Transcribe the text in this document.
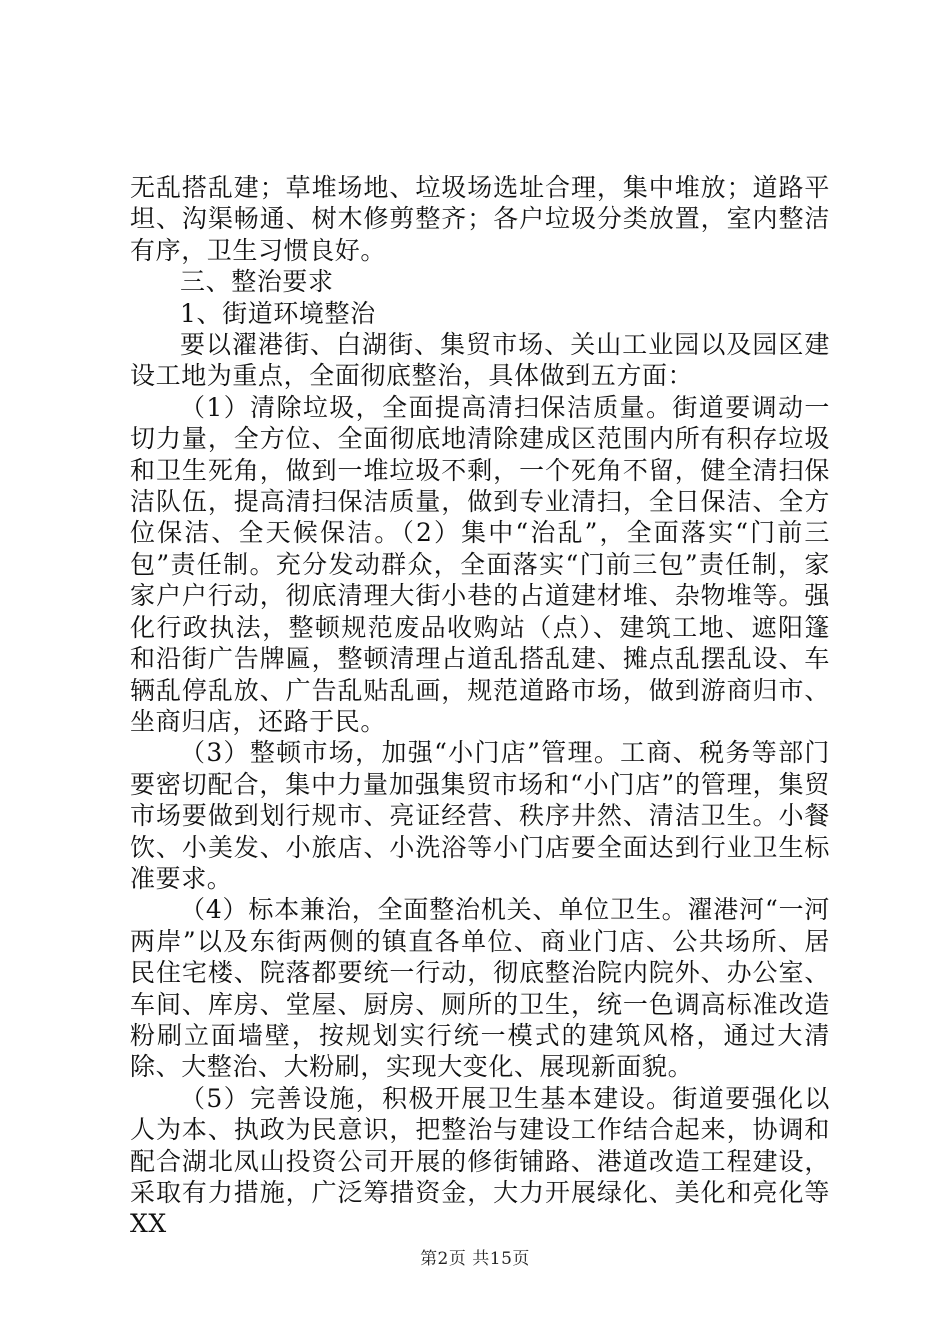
无乱搭乱建；草堆场地、垃圾场选址合理，集中堆放；道路平坦、沟渠畅通、树木修剪整齐；各户垃圾分类放置，室内整洁有序，卫生习惯良好。

三、整治要求

1、街道环境整治

要以濯港街、白湖街、集贸市场、关山工业园以及园区建设工地为重点，全面彻底整治，具体做到五方面：

（1）清除垃圾，全面提高清扫保洁质量。街道要调动一切力量，全方位、全面彻底地清除建成区范围内所有积存垃圾和卫生死角，做到一堆垃圾不剩，一个死角不留，健全清扫保洁队伍，提高清扫保洁质量，做到专业清扫，全日保洁、全方位保洁、全天候保洁。（2）集中“治乱”，全面落实“门前三包”责任制。充分发动群众，全面落实“门前三包”责任制，家家户户行动，彻底清理大街小巷的占道建材堆、杂物堆等。强化行政执法，整顿规范废品收购站（点）、建筑工地、遮阳篷和沿街广告牌匾，整顿清理占道乱搭乱建、摊点乱摆乱设、车辆乱停乱放、广告乱贴乱画，规范道路市场，做到游商归市、坐商归店，还路于民。

（3）整顿市场，加强“小门店”管理。工商、税务等部门要密切配合，集中力量加强集贸市场和“小门店”的管理，集贸市场要做到划行规市、亮证经营、秩序井然、清洁卫生。小餐饮、小美发、小旅店、小洗浴等小门店要全面达到行业卫生标准要求。

（4）标本兼治，全面整治机关、单位卫生。濯港河“一河两岸”以及东街两侧的镇直各单位、商业门店、公共场所、居民住宅楼、院落都要统一行动，彻底整治院内院外、办公室、车间、库房、堂屋、厨房、厕所的卫生，统一色调高标准改造粉刷立面墙壁，按规划实行统一模式的建筑风格，通过大清除、大整治、大粉刷，实现大变化、展现新面貌。

（5）完善设施，积极开展卫生基本建设。街道要强化以人为本、执政为民意识，把整治与建设工作结合起来，协调和配合湖北凤山投资公司开展的修街铺路、港道改造工程建设，采取有力措施，广泛筹措资金，大力开展绿化、美化和亮化等XX

第2页 共15页
